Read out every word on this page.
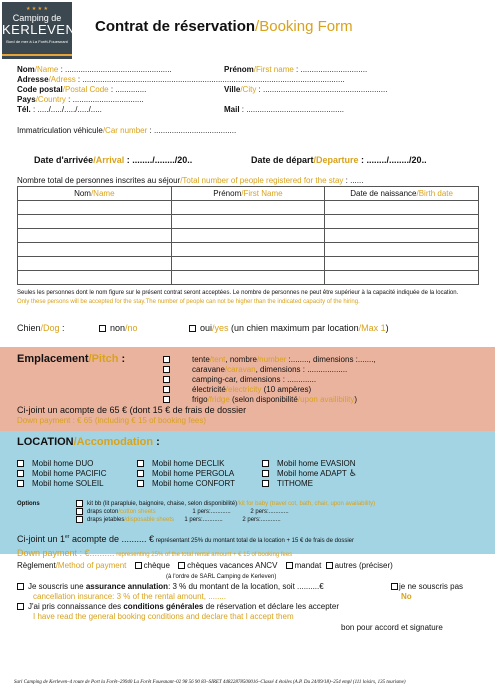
★ ★ ★ ★
Camping de
KERLEVEN
Bord de mer à La Forêt-Fouesnant
Contrat de réservation/Booking Form
Nom/Name : ................................................	Prénom/First name : ..............................
Adresse/Adress : ......................................................................................................................
Code postal/Postal Code : ..............	Ville/City : ........................................................
Pays/Country : ................................
Tél. : ...../...../...../...../.....	Mail : ............................................
Immatriculation véhicule/Car number : .....................................
Date d'arrivée/Arrival : ......../......../20..	Date de départ/Departure : ......../......../20..
Nombre total de personnes inscrites au séjour/Total number of people registered for the stay : ......
Nom/Name	Prénom/First Name	Date de naissance/Birth date

Seules les personnes dont le nom figure sur le présent contrat seront acceptées. Le nombre de personnes ne peut être supérieur à la capacité indiquée de la location.
Only these persons will be accepted for the stay.The number of people can not be higher than the indicated capacity of the hiring.
Chien/Dog :	non/no	oui/yes (un chien maximum par location/Max 1)
Emplacement/Pitch :	tente/tent, nombre/number :........, dimensions :.......,
caravane/caravan, dimensions : ..................
camping-car, dimensions : .............
électricité/electricity (10 ampères)
frigo/fridge (selon disponibilité/upon availibility)
Ci-joint un acompte de 65 € (dont 15 € de frais de dossier
Down payment : € 65 (including € 15 of booking fees)
LOCATION/Accomodation :
Mobil home DUO
Mobil home PACIFIC
Mobil home SOLEIL
Mobil home DECLIK
Mobil home PERGOLA
Mobil home CONFORT
Mobil home EVASION
Mobil home ADAPT ♿
TITHOME
Options	kit bb (lit parapluie, baignoire, chaise, selon disponibilité)/kit for baby (travel cot, bath, chair, upon availability)
draps coton/cotton sheets	1 pers:............	2 pers:............
draps jetables/disposable sheets 1 pers:............	2 pers:............
Ci-joint un 1er acompte de .......... € représentant 25% du montant total de la location + 15 € de frais de dossier
Down payment : €.......... representing 25% of the total rental amount + € 15 of booking fees
Règlement/Method of payment chèque chèques vacances ANCV mandat autres (préciser)
(à l'ordre de SARL Camping de Kerleven)
Je souscris une assurance annulation: 3 % du montant de la location, soit ..........€	je ne souscris pas
cancellation insurance: 3 % of the rental amount, ........	No
J'ai pris connaissance des conditions générales de réservation et déclare les accepter
I have read the general booking conditions and declare that I accept them
bon pour accord et signature
Sarl Camping de Kerleven–4 route de Port la Forêt–29940 La Forêt Fouesnant–02 98 56 90 83–SIRET 44822878500016–Classé 4 étoiles (A.P. Du 24/09/18)–254 empl (111 loisirs, 135 tourisme)
